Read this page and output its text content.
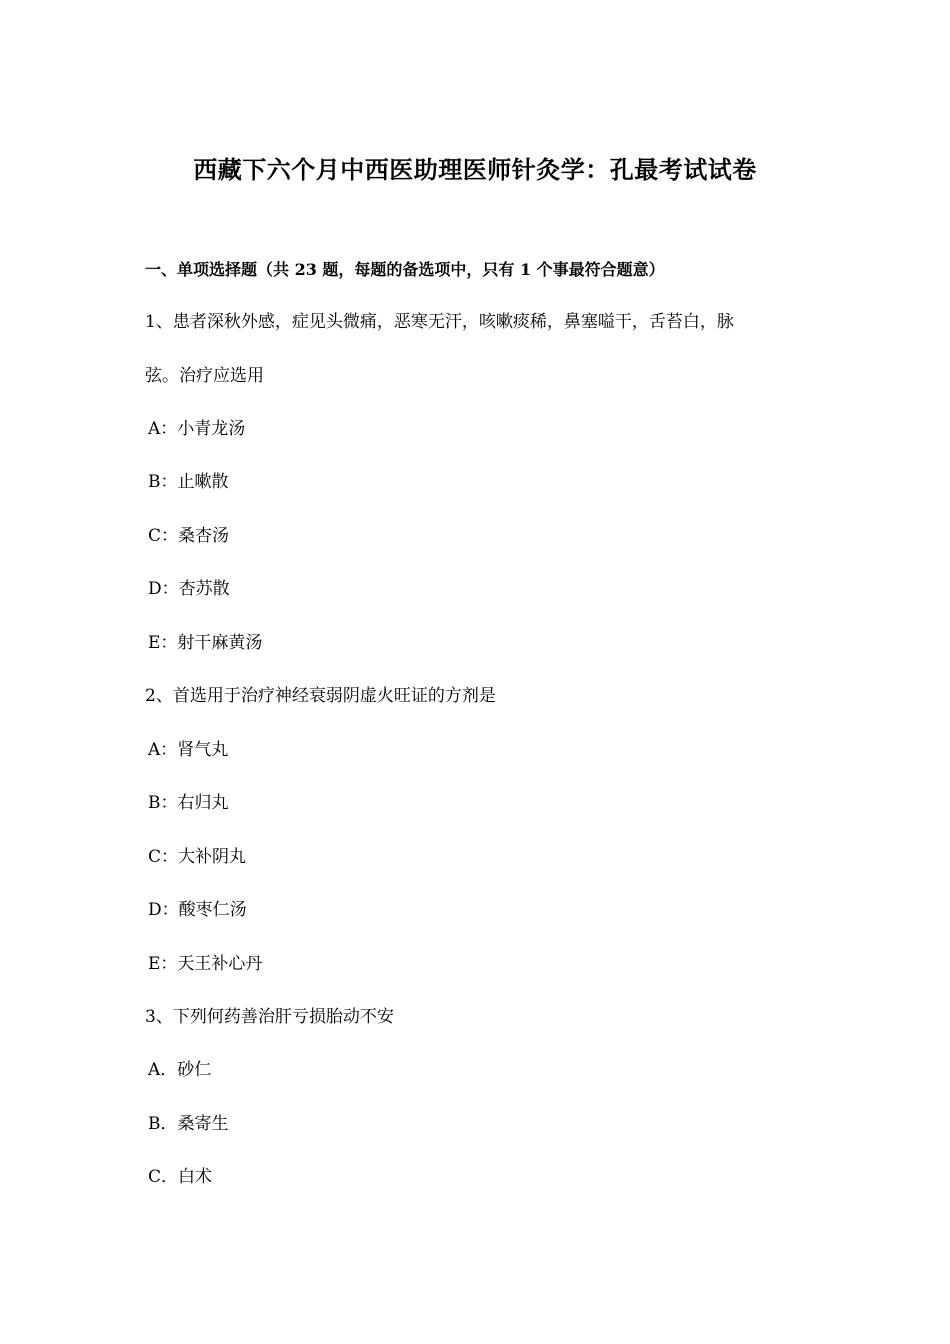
西藏下六个月中西医助理医师针灸学：孔最考试试卷
一、单项选择题（共 23 题，每题的备选项中，只有 1 个事最符合题意）
1、患者深秋外感，症见头微痛，恶寒无汗，咳嗽痰稀，鼻塞嗌干，舌苔白，脉
弦。治疗应选用
A：小青龙汤
B：止嗽散
C：桑杏汤
D：杏苏散
E：射干麻黄汤
2、首选用于治疗神经衰弱阴虚火旺证的方剂是
A：肾气丸
B：右归丸
C：大补阴丸
D：酸枣仁汤
E：天王补心丹
3、下列何药善治肝亏损胎动不安
A．砂仁
B．桑寄生
C．白术
